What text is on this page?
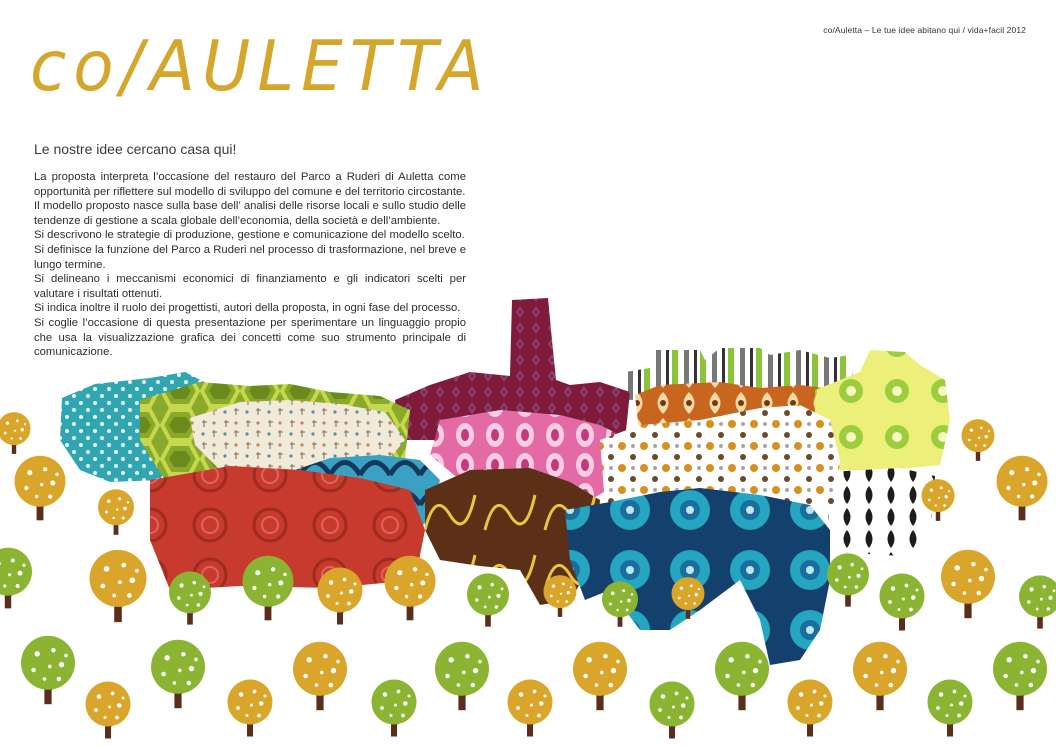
co/Auletta – Le tue idee abitano qui / vida+facil 2012
co/AULETTA
Le nostre idee cercano casa qui!

La proposta interpreta l’occasione del restauro del Parco a Ruderi di Auletta come opportunità per riflettere sul modello di sviluppo del comune e del territorio circostante.

Il modello proposto nasce sulla base dell’ analisi delle risorse locali e sullo studio delle tendenze di gestione a scala globale dell’economia, della società e dell’ambiente.

Si descrivono le strategie di produzione, gestione e comunicazione del modello scelto.

Si definisce la funzione del Parco a Ruderi nel processo di trasformazione, nel breve e lungo termine.

Si delineano i meccanismi economici di finanziamento e gli indicatori scelti per valutare i risultati ottenuti.

Si indica inoltre il ruolo dei progettisti, autori della proposta, in ogni fase del processo.

Si coglie l’occasione di questa presentazione per sperimentare un linguaggio propio che usa la visualizzazione grafica dei concetti come suo strumento principale di comunicazione.
